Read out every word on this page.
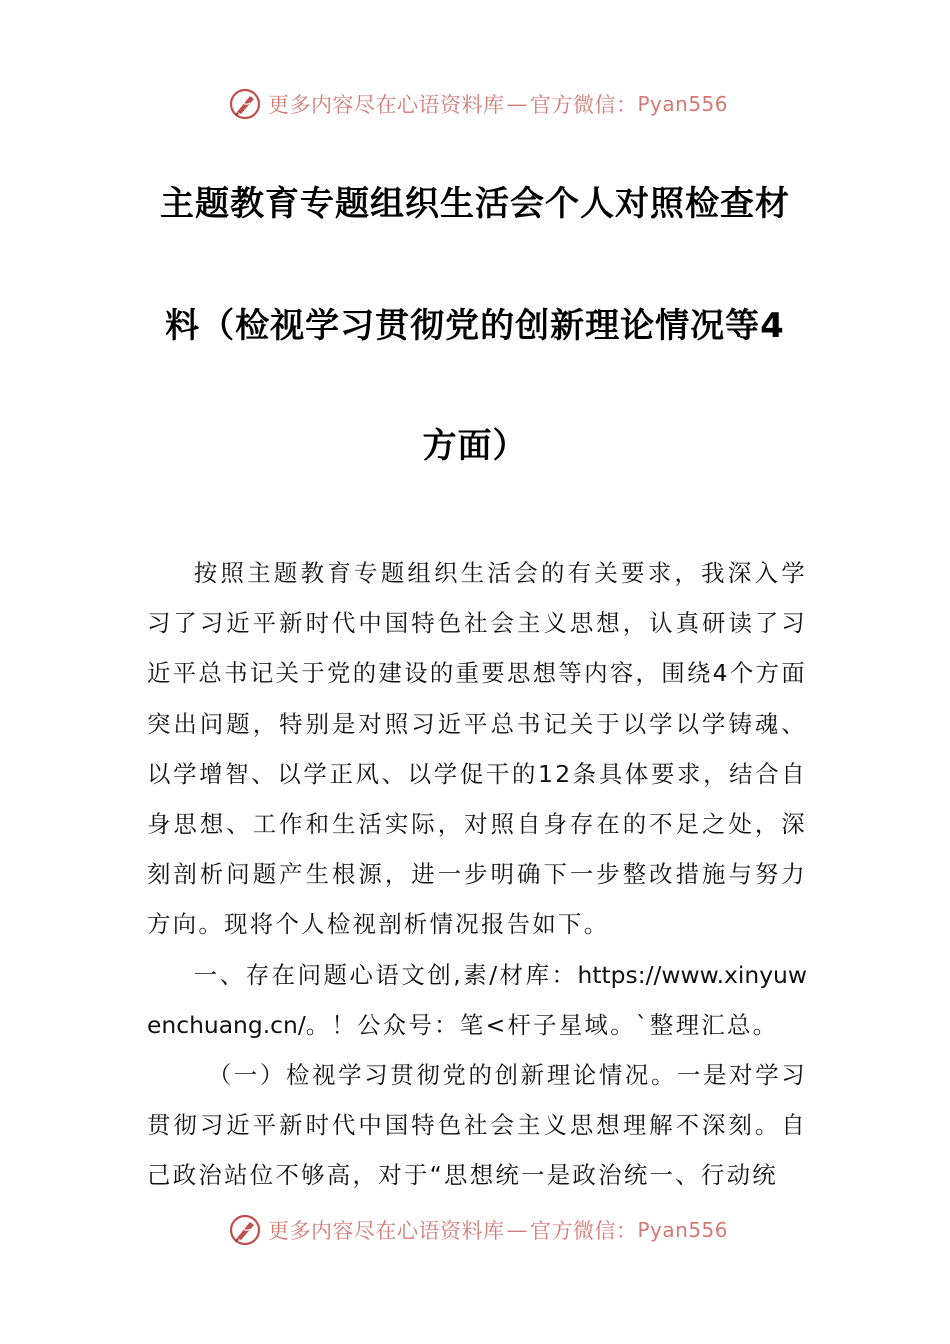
更多内容尽在心语资料库 — 官方微信： Pyan556
主题教育专题组织生活会个人对照检查材
料（检视学习贯彻党的创新理论情况等4
方面）

按照主题教育专题组织生活会的有关要求，我深入学习了习近平新时代中国特色社会主义思想，认真研读了习近平总书记关于党的建设的重要思想等内容，围绕4个方面突出问题，特别是对照习近平总书记关于以学以学铸魂、以学增智、以学正风、以学促干的12条具体要求，结合自身思想、工作和生活实际，对照自身存在的不足之处，深刻剖析问题产生根源，进一步明确下一步整改措施与努力方向。现将个人检视剖析情况报告如下。

一、存在问题心语文创,素/材库：https://www.xinyuwenchuang.cn/。！公众号：笔<杆子星域。`整理汇总。

（一）检视学习贯彻党的创新理论情况。一是对学习贯彻习近平新时代中国特色社会主义思想理解不深刻。自己政治站位不够高，对于“思想统一是政治统一、行动统

更多内容尽在心语资料库 — 官方微信： Pyan556
